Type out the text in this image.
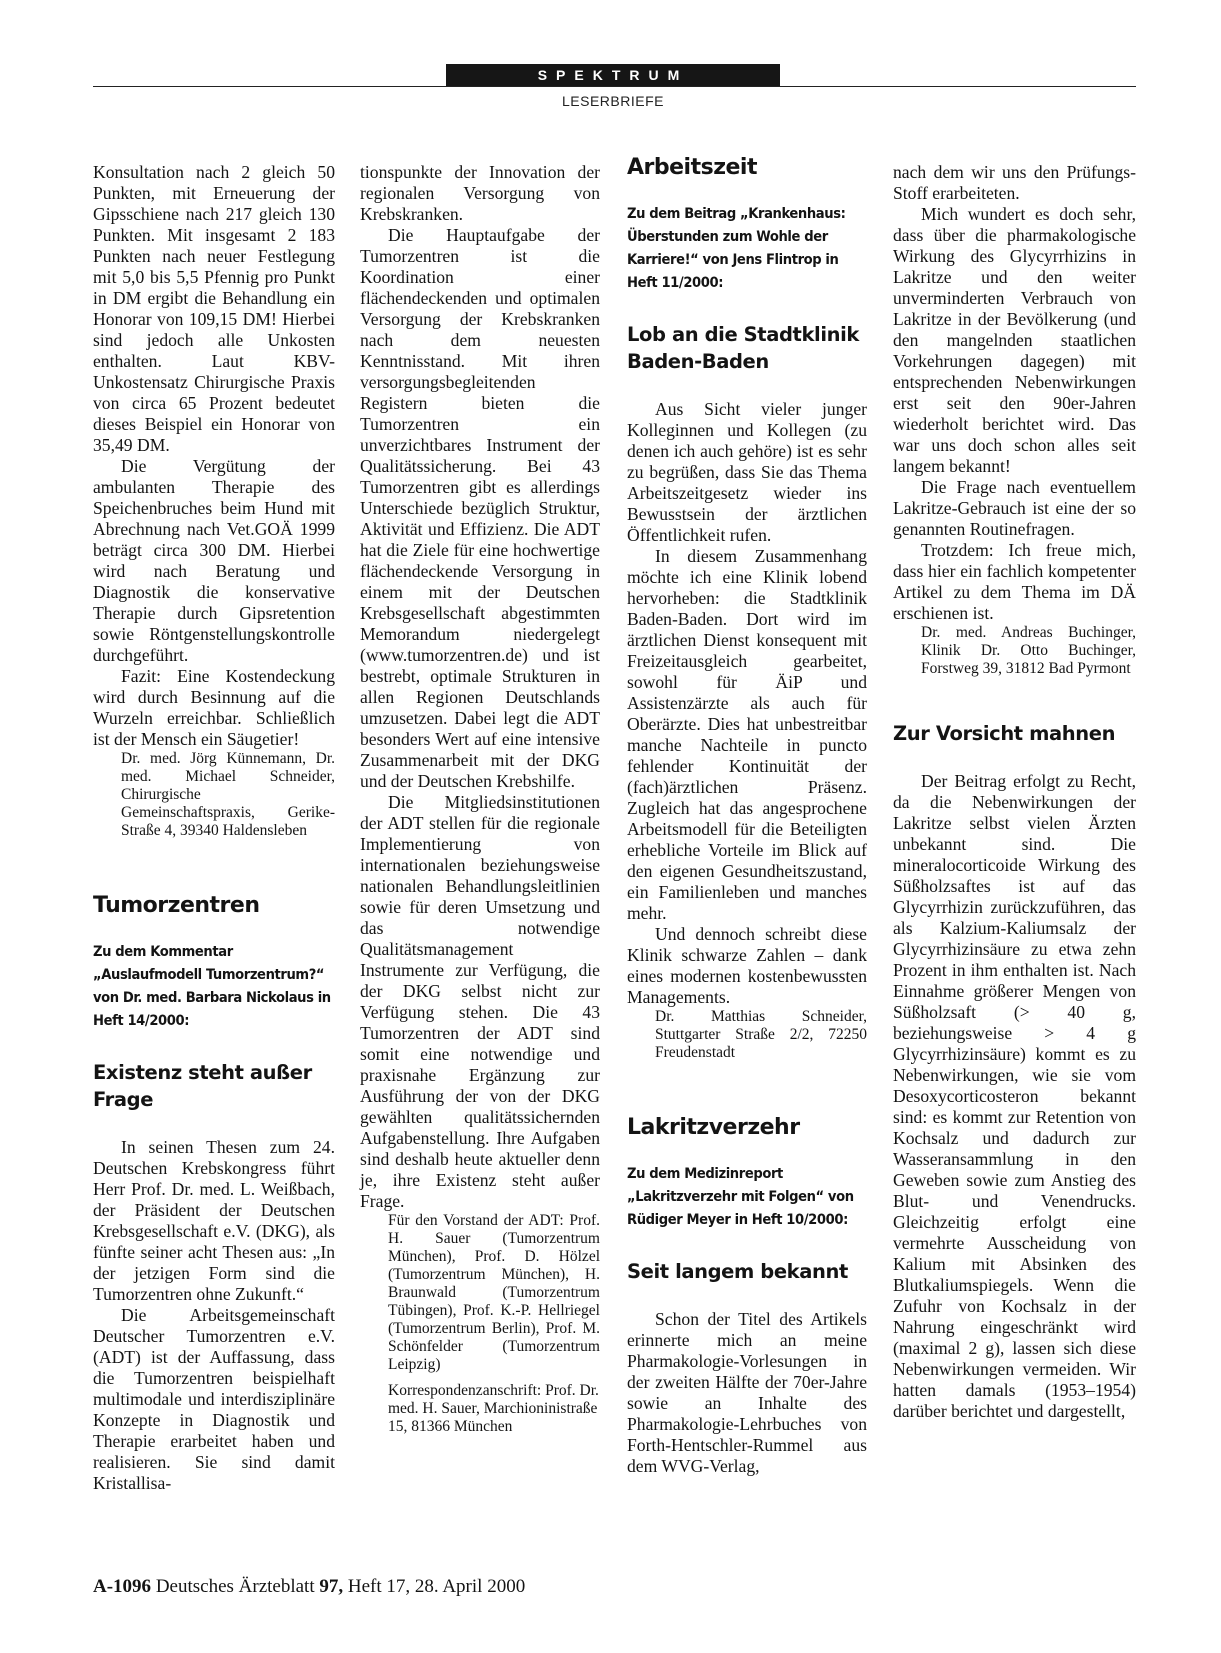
SPEKTRUM
LESERBRIEFE

Konsultation nach 2 gleich 50 Punkten, mit Erneuerung der Gipsschiene nach 217 gleich 130 Punkten. Mit insgesamt 2 183 Punkten nach neuer Festlegung mit 5,0 bis 5,5 Pfennig pro Punkt in DM ergibt die Behandlung ein Honorar von 109,15 DM! Hierbei sind jedoch alle Unkosten enthalten. Laut KBV-Unkostensatz Chirurgische Praxis von circa 65 Prozent bedeutet dieses Beispiel ein Honorar von 35,49 DM.

Die Vergütung der ambulanten Therapie des Speichenbruches beim Hund mit Abrechnung nach Vet.GOÄ 1999 beträgt circa 300 DM. Hierbei wird nach Beratung und Diagnostik die konservative Therapie durch Gipsretention sowie Röntgenstellungskontrolle durchgeführt.

Fazit: Eine Kostendeckung wird durch Besinnung auf die Wurzeln erreichbar. Schließlich ist der Mensch ein Säugetier!

Dr. med. Jörg Künnemann, Dr. med. Michael Schneider, Chirurgische Gemeinschaftspraxis, Gerike-Straße 4, 39340 Haldensleben
Tumorzentren
Zu dem Kommentar „Auslaufmodell Tumorzentrum?“ von Dr. med. Barbara Nickolaus in Heft 14/2000:
Existenz steht außer Frage

In seinen Thesen zum 24. Deutschen Krebskongress führt Herr Prof. Dr. med. L. Weißbach, der Präsident der Deutschen Krebsgesellschaft e.V. (DKG), als fünfte seiner acht Thesen aus: „In der jetzigen Form sind die Tumorzentren ohne Zukunft.“

Die Arbeitsgemeinschaft Deutscher Tumorzentren e.V. (ADT) ist der Auffassung, dass die Tumorzentren beispielhaft multimodale und interdisziplinäre Konzepte in Diagnostik und Therapie erarbeitet haben und realisieren. Sie sind damit Kristallisa-

tionspunkte der Innovation der regionalen Versorgung von Krebskranken.

Die Hauptaufgabe der Tumorzentren ist die Koordination einer flächendeckenden und optimalen Versorgung der Krebskranken nach dem neuesten Kenntnisstand. Mit ihren versorgungsbegleitenden Registern bieten die Tumorzentren ein unverzichtbares Instrument der Qualitätssicherung. Bei 43 Tumorzentren gibt es allerdings Unterschiede bezüglich Struktur, Aktivität und Effizienz. Die ADT hat die Ziele für eine hochwertige flächendeckende Versorgung in einem mit der Deutschen Krebsgesellschaft abgestimmten Memorandum niedergelegt (www.tumorzentren.de) und ist bestrebt, optimale Strukturen in allen Regionen Deutschlands umzusetzen. Dabei legt die ADT besonders Wert auf eine intensive Zusammenarbeit mit der DKG und der Deutschen Krebshilfe.

Die Mitgliedsinstitutionen der ADT stellen für die regionale Implementierung von internationalen beziehungsweise nationalen Behandlungsleitlinien sowie für deren Umsetzung und das notwendige Qualitätsmanagement Instrumente zur Verfügung, die der DKG selbst nicht zur Verfügung stehen. Die 43 Tumorzentren der ADT sind somit eine notwendige und praxisnahe Ergänzung zur Ausführung der von der DKG gewählten qualitätssichernden Aufgabenstellung. Ihre Aufgaben sind deshalb heute aktueller denn je, ihre Existenz steht außer Frage.

Für den Vorstand der ADT: Prof. H. Sauer (Tumorzentrum München), Prof. D. Hölzel (Tumorzentrum München), H. Braunwald (Tumorzentrum Tübingen), Prof. K.-P. Hellriegel (Tumorzentrum Berlin), Prof. M. Schönfelder (Tumorzentrum Leipzig)
Korrespondenzanschrift: Prof. Dr. med. H. Sauer, Marchioninistraße 15, 81366 München
Arbeitszeit
Zu dem Beitrag „Krankenhaus: Überstunden zum Wohle der Karriere!“ von Jens Flintrop in Heft 11/2000:
Lob an die Stadtklinik Baden-Baden

Aus Sicht vieler junger Kolleginnen und Kollegen (zu denen ich auch gehöre) ist es sehr zu begrüßen, dass Sie das Thema Arbeitszeitgesetz wieder ins Bewusstsein der ärztlichen Öffentlichkeit rufen.

In diesem Zusammenhang möchte ich eine Klinik lobend hervorheben: die Stadtklinik Baden-Baden. Dort wird im ärztlichen Dienst konsequent mit Freizeitausgleich gearbeitet, sowohl für ÄiP und Assistenzärzte als auch für Oberärzte. Dies hat unbestreitbar manche Nachteile in puncto fehlender Kontinuität der (fach)ärztlichen Präsenz. Zugleich hat das angesprochene Arbeitsmodell für die Beteiligten erhebliche Vorteile im Blick auf den eigenen Gesundheitszustand, ein Familienleben und manches mehr.

Und dennoch schreibt diese Klinik schwarze Zahlen – dank eines modernen kostenbewussten Managements.

Dr. Matthias Schneider, Stuttgarter Straße 2/2, 72250 Freudenstadt
Lakritzverzehr
Zu dem Medizinreport „Lakritzverzehr mit Folgen“ von Rüdiger Meyer in Heft 10/2000:
Seit langem bekannt

Schon der Titel des Artikels erinnerte mich an meine Pharmakologie-Vorlesungen in der zweiten Hälfte der 70er-Jahre sowie an Inhalte des Pharmakologie-Lehrbuches von Forth-Hentschler-Rummel aus dem WVG-Verlag,

nach dem wir uns den Prüfungs-Stoff erarbeiteten.

Mich wundert es doch sehr, dass über die pharmakologische Wirkung des Glycyrrhizins in Lakritze und den weiter unverminderten Verbrauch von Lakritze in der Bevölkerung (und den mangelnden staatlichen Vorkehrungen dagegen) mit entsprechenden Nebenwirkungen erst seit den 90er-Jahren wiederholt berichtet wird. Das war uns doch schon alles seit langem bekannt!

Die Frage nach eventuellem Lakritze-Gebrauch ist eine der so genannten Routinefragen.

Trotzdem: Ich freue mich, dass hier ein fachlich kompetenter Artikel zu dem Thema im DÄ erschienen ist.

Dr. med. Andreas Buchinger, Klinik Dr. Otto Buchinger, Forstweg 39, 31812 Bad Pyrmont
Zur Vorsicht mahnen

Der Beitrag erfolgt zu Recht, da die Nebenwirkungen der Lakritze selbst vielen Ärzten unbekannt sind. Die mineralocorticoide Wirkung des Süßholzsaftes ist auf das Glycyrrhizin zurückzuführen, das als Kalzium-Kaliumsalz der Glycyrrhizinsäure zu etwa zehn Prozent in ihm enthalten ist. Nach Einnahme größerer Mengen von Süßholzsaft (> 40 g, beziehungsweise > 4 g Glycyrrhizinsäure) kommt es zu Nebenwirkungen, wie sie vom Desoxycorticosteron bekannt sind: es kommt zur Retention von Kochsalz und dadurch zur Wasseransammlung in den Geweben sowie zum Anstieg des Blut- und Venendrucks. Gleichzeitig erfolgt eine vermehrte Ausscheidung von Kalium mit Absinken des Blutkaliumspiegels. Wenn die Zufuhr von Kochsalz in der Nahrung eingeschränkt wird (maximal 2 g), lassen sich diese Nebenwirkungen vermeiden. Wir hatten damals (1953–1954) darüber berichtet und dargestellt,

A-1096 Deutsches Ärzteblatt 97, Heft 17, 28. April 2000
